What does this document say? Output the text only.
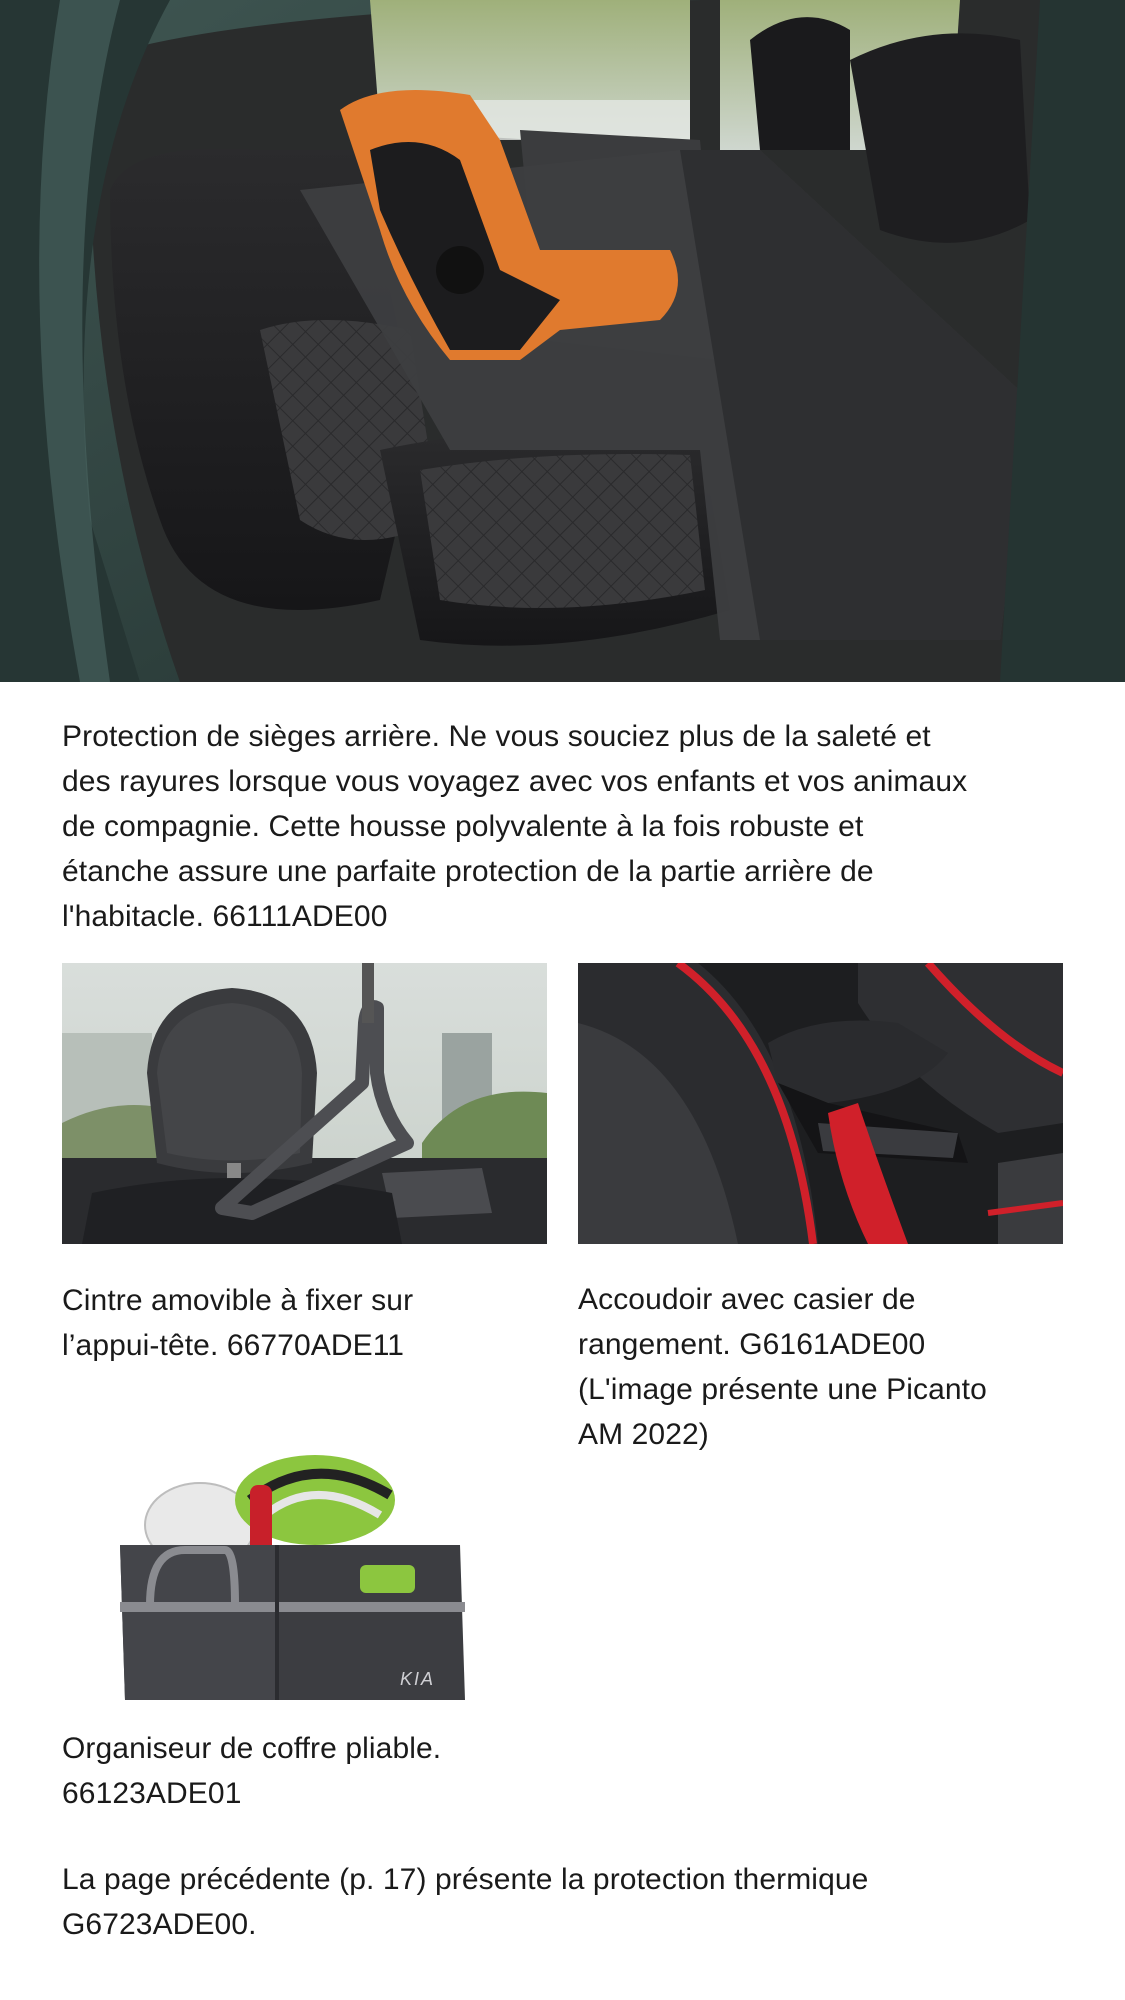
Protection de sièges arrière. Ne vous souciez plus de la saleté et
des rayures lorsque vous voyagez avec vos enfants et vos animaux
de compagnie. Cette housse polyvalente à la fois robuste et
étanche assure une parfaite protection de la partie arrière de
l'habitacle. 66111ADE00
Cintre amovible à fixer sur
l’appui-tête. 66770ADE11
Accoudoir avec casier de
rangement. G6161ADE00
(L'image présente une Picanto
AM 2022)
KIA
Organiseur de coffre pliable.
66123ADE01
La page précédente (p. 17) présente la protection thermique
G6723ADE00.
